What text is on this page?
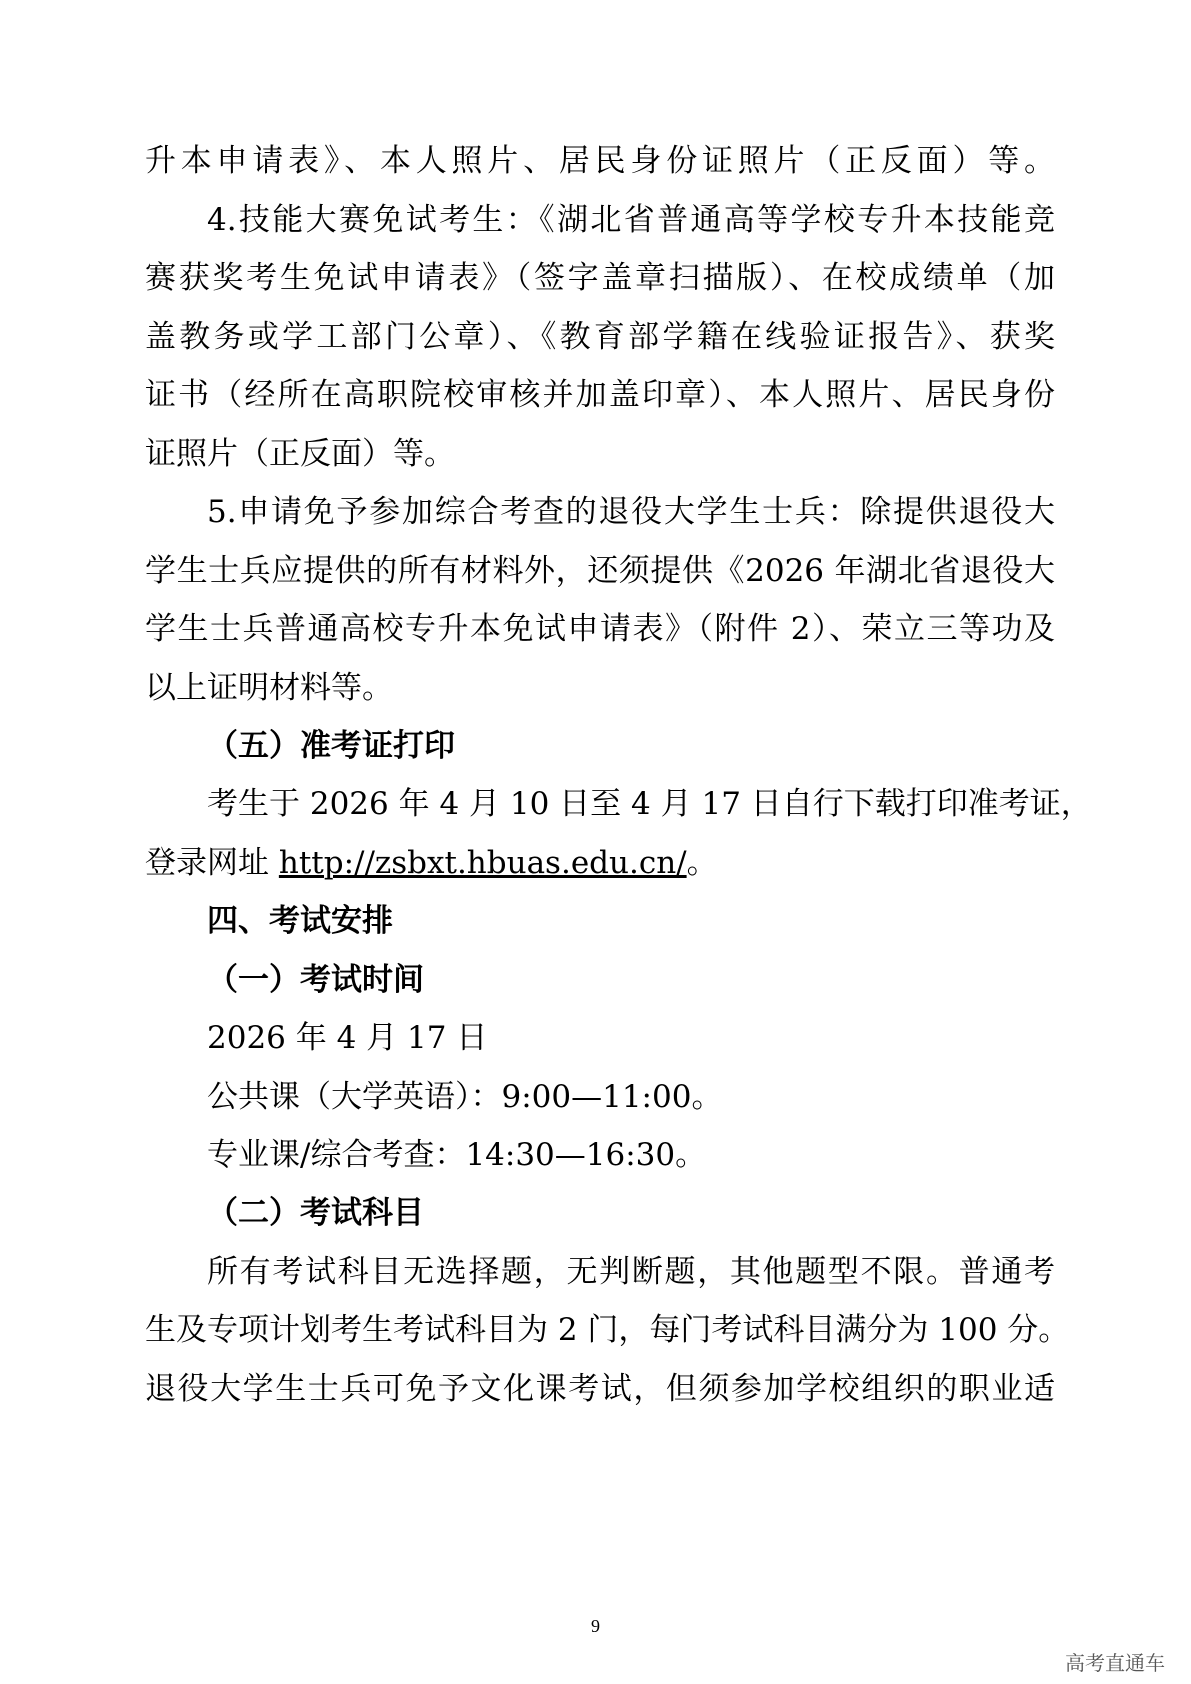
升本申请表》、本人照片、居民身份证照片（正反面）等。
4.技能大赛免试考生：《湖北省普通高等学校专升本技能竞
赛获奖考生免试申请表》（签字盖章扫描版）、在校成绩单（加
盖教务或学工部门公章）、《教育部学籍在线验证报告》、获奖
证书（经所在高职院校审核并加盖印章）、本人照片、居民身份
证照片（正反面）等。
5.申请免予参加综合考查的退役大学生士兵：除提供退役大
学生士兵应提供的所有材料外，还须提供《2026 年湖北省退役大
学生士兵普通高校专升本免试申请表》（附件 2）、荣立三等功及
以上证明材料等。
（五）准考证打印
考生于 2026 年 4 月 10 日至 4 月 17 日自行下载打印准考证，
登录网址 http://zsbxt.hbuas.edu.cn/。
四、考试安排
（一）考试时间
2026 年 4 月 17 日
公共课（大学英语）：9:00—11:00。
专业课/综合考查：14:30—16:30。
（二）考试科目
所有考试科目无选择题，无判断题，其他题型不限。普通考
生及专项计划考生考试科目为 2 门，每门考试科目满分为 100 分。
退役大学生士兵可免予文化课考试，但须参加学校组织的职业适
9
高考直通车
